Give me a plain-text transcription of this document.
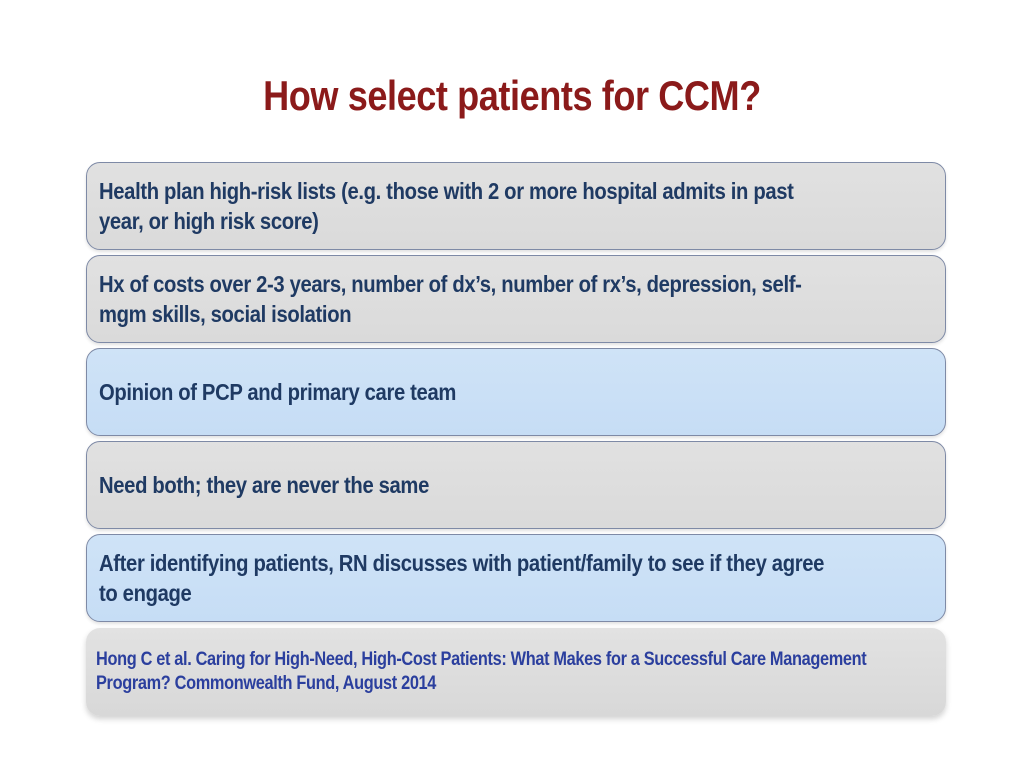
How select patients for CCM?
Health plan high-risk lists (e.g. those with 2 or more hospital admits in past year, or high risk score)
Hx of costs over 2-3 years, number of dx’s, number of rx’s, depression, self-mgm skills, social isolation
Opinion of PCP and primary care team
Need both; they are never the same
After identifying patients, RN discusses with patient/family to see if they agree to engage
Hong C et al. Caring for High-Need, High-Cost Patients: What Makes for a Successful Care Management Program? Commonwealth Fund, August 2014
